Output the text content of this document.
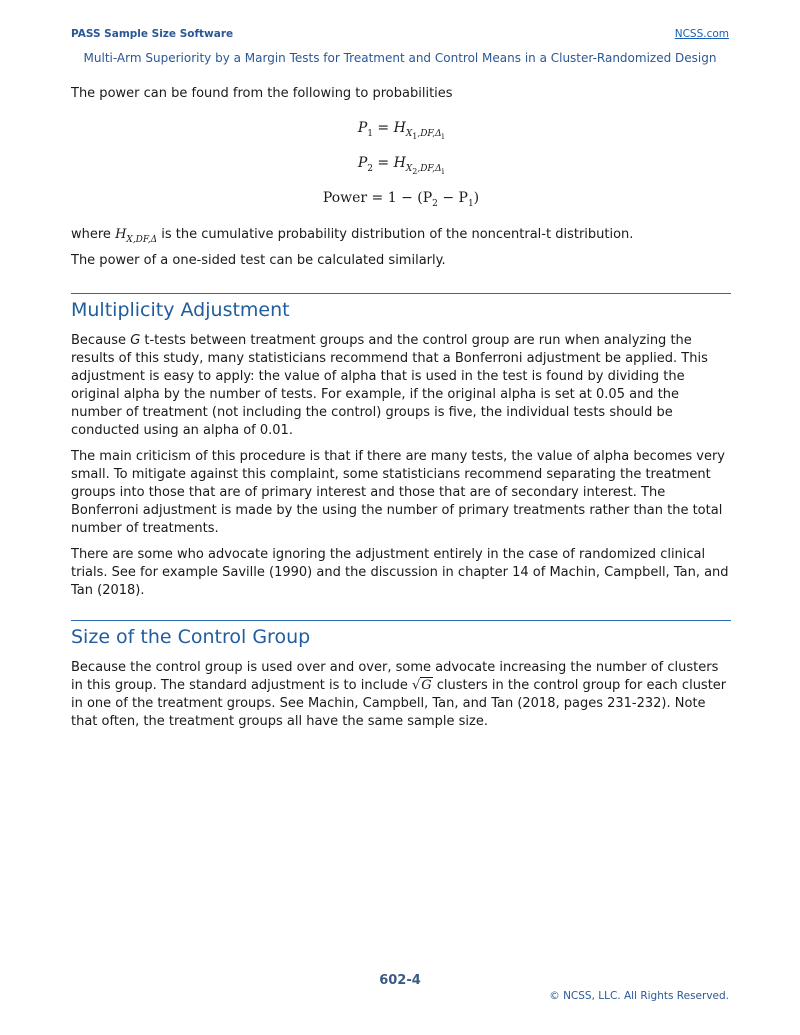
PASS Sample Size Software	NCSS.com
Multi-Arm Superiority by a Margin Tests for Treatment and Control Means in a Cluster-Randomized Design

The power can be found from the following to probabilities

$P_1 = H_{X_1,DF,\Delta_i}$
$P_2 = H_{X_2,DF,\Delta_i}$
Power = $1 - (P_2 - P_1)$

where $H_{X,DF,\Delta}$ is the cumulative probability distribution of the noncentral-t distribution.

The power of a one-sided test can be calculated similarly.

Multiplicity Adjustment

Because G t-tests between treatment groups and the control group are run when analyzing the results of this study, many statisticians recommend that a Bonferroni adjustment be applied. This adjustment is easy to apply: the value of alpha that is used in the test is found by dividing the original alpha by the number of tests. For example, if the original alpha is set at 0.05 and the number of treatment (not including the control) groups is five, the individual tests should be conducted using an alpha of 0.01.

The main criticism of this procedure is that if there are many tests, the value of alpha becomes very small. To mitigate against this complaint, some statisticians recommend separating the treatment groups into those that are of primary interest and those that are of secondary interest. The Bonferroni adjustment is made by the using the number of primary treatments rather than the total number of treatments.

There are some who advocate ignoring the adjustment entirely in the case of randomized clinical trials. See for example Saville (1990) and the discussion in chapter 14 of Machin, Campbell, Tan, and Tan (2018).

Size of the Control Group

Because the control group is used over and over, some advocate increasing the number of clusters in this group. The standard adjustment is to include √G clusters in the control group for each cluster in one of the treatment groups. See Machin, Campbell, Tan, and Tan (2018, pages 231-232). Note that often, the treatment groups all have the same sample size.

602-4
© NCSS, LLC. All Rights Reserved.
